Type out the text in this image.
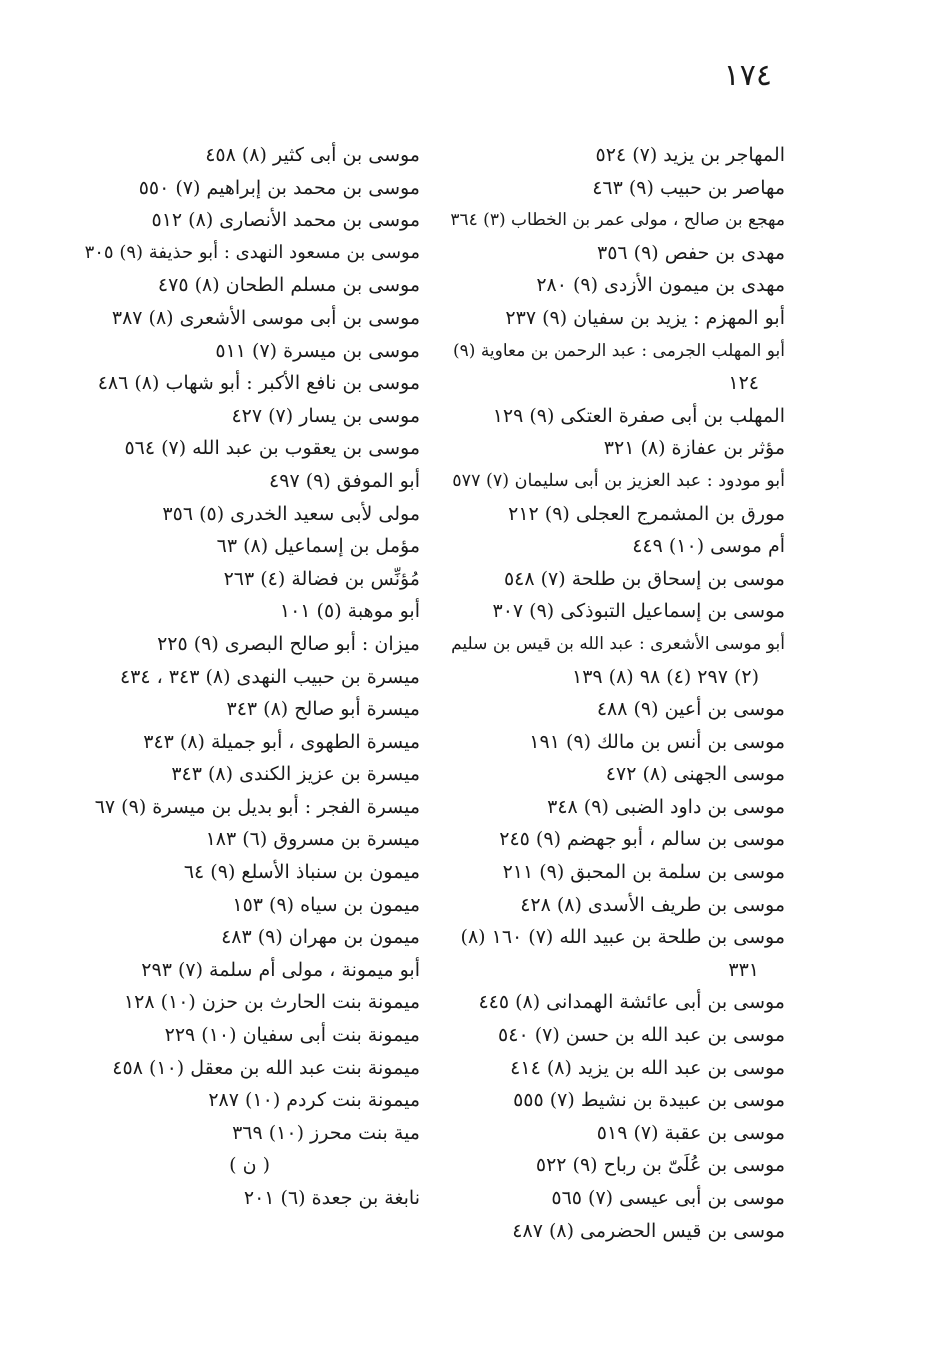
١٧٤
المهاجر بن يزيد (٧) ٥٢٤
مهاصر بن حبيب (٩) ٤٦٣
مهجع بن صالح ، مولى عمر بن الخطاب (٣) ٣٦٤
مهدى بن حفص (٩) ٣٥٦
مهدى بن ميمون الأزدى (٩) ٢٨٠
أبو المهزم : يزيد بن سفيان (٩) ٢٣٧
أبو المهلب الجرمى : عبد الرحمن بن معاوية (٩)
١٢٤
المهلب بن أبى صفرة العتكى (٩) ١٢٩
مؤثر بن عفازة (٨) ٣٢١
أبو مودود : عبد العزيز بن أبى سليمان (٧) ٥٧٧
مورق بن المشمرج العجلى (٩) ٢١٢
أم موسى (١٠) ٤٤٩
موسى بن إسحاق بن طلحة (٧) ٥٤٨
موسى بن إسماعيل التبوذكى (٩) ٣٠٧
أبو موسى الأشعرى : عبد الله بن قيس بن سليم
(٢) ٢٩٧ (٤) ٩٨ (٨) ١٣٩
موسى بن أعين (٩) ٤٨٨
موسى بن أنس بن مالك (٩) ١٩١
موسى الجهنى (٨) ٤٧٢
موسى بن داود الضبى (٩) ٣٤٨
موسى بن سالم ، أبو جهضم (٩) ٢٤٥
موسى بن سلمة بن المحبق (٩) ٢١١
موسى بن طريف الأسدى (٨) ٤٢٨
موسى بن طلحة بن عبيد الله (٧) ١٦٠ (٨)
٣٣١
موسى بن أبى عائشة الهمدانى (٨) ٤٤٥
موسى بن عبد الله بن حسن (٧) ٥٤٠
موسى بن عبد الله بن يزيد (٨) ٤١٤
موسى بن عبيدة بن نشيط (٧) ٥٥٥
موسى بن عقبة (٧) ٥١٩
موسى بن عُلَىّ بن رباح (٩) ٥٢٢
موسى بن أبى عيسى (٧) ٥٦٥
موسى بن قيس الحضرمى (٨) ٤٨٧
موسى بن أبى كثير (٨) ٤٥٨
موسى بن محمد بن إبراهيم (٧) ٥٥٠
موسى بن محمد الأنصارى (٨) ٥١٢
موسى بن مسعود النهدى : أبو حذيفة (٩) ٣٠٥
موسى بن مسلم الطحان (٨) ٤٧٥
موسى بن أبى موسى الأشعرى (٨) ٣٨٧
موسى بن ميسرة (٧) ٥١١
موسى بن نافع الأكبر : أبو شهاب (٨) ٤٨٦
موسى بن يسار (٧) ٤٢٧
موسى بن يعقوب بن عبد الله (٧) ٥٦٤
أبو الموفق (٩) ٤٩٧
مولى لأبى سعيد الخدرى (٥) ٣٥٦
مؤمل بن إسماعيل (٨) ٦٣
مُؤنِّس بن فضالة (٤) ٢٦٣
أبو موهبة (٥) ١٠١
ميزان : أبو صالح البصرى (٩) ٢٢٥
ميسرة بن حبيب النهدى (٨) ٣٤٣ ، ٤٣٤
ميسرة أبو صالح (٨) ٣٤٣
ميسرة الطهوى ، أبو جميلة (٨) ٣٤٣
ميسرة بن عزيز الكندى (٨) ٣٤٣
ميسرة الفجر : أبو بديل بن ميسرة (٩) ٦٧
ميسرة بن مسروق (٦) ١٨٣
ميمون بن سنباذ الأسلع (٩) ٦٤
ميمون بن سياه (٩) ١٥٣
ميمون بن مهران (٩) ٤٨٣
أبو ميمونة ، مولى أم سلمة (٧) ٢٩٣
ميمونة بنت الحارث بن حزن (١٠) ١٢٨
ميمونة بنت أبى سفيان (١٠) ٢٢٩
ميمونة بنت عبد الله بن معقل (١٠) ٤٥٨
ميمونة بنت كردم (١٠) ٢٨٧
مية بنت محرز (١٠) ٣٦٩
( ن )
نابغة بن جعدة (٦) ٢٠١
